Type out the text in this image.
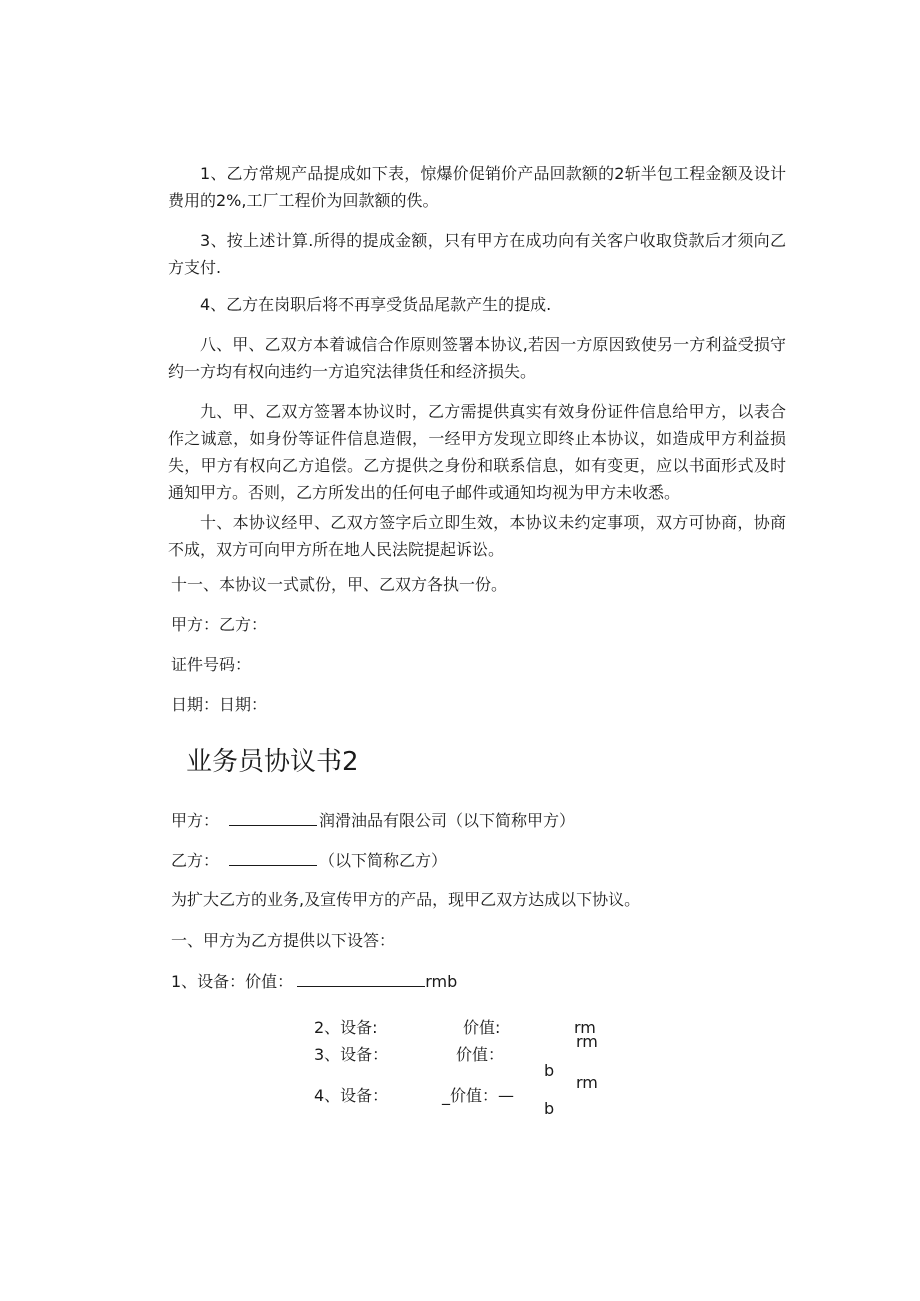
1、乙方常规产品提成如下表，惊爆价促销价产品回款额的2斩半包工程金额及设计费用的2%,工厂工程价为回款额的佚。

3、按上述计算.所得的提成金额，只有甲方在成功向有关客户收取贷款后才须向乙方支付.

4、乙方在岗职后将不再享受货品尾款产生的提成.

八、甲、乙双方本着诚信合作原则签署本协议,若因一方原因致使另一方利益受损守约一方均有权向违约一方追究法律货任和经济损失。

九、甲、乙双方签署本协议时，乙方需提供真实有效身份证件信息给甲方，以表合作之诚意，如身份等证件信息造假，一经甲方发现立即终止本协议，如造成甲方利益损失，甲方有权向乙方追偿。乙方提供之身份和联系信息，如有变更，应以书面形式及时通知甲方。否则，乙方所发出的任何电子邮件或通知均视为甲方未收悉。

十、本协议经甲、乙双方签字后立即生效，本协议未约定事项，双方可协商，协商不成，双方可向甲方所在地人民法院提起诉讼。

十一、本协议一式贰份，甲、乙双方各执一份。

甲方：乙方：

证件号码：

日期：日期：

业务员协议书2

甲方：	润滑油品有限公司（以下简称甲方）

乙方：	（以下简称乙方）

为扩大乙方的业务,及宣传甲方的产品，现甲乙双方达成以下协议。

一、甲方为乙方提供以下设答：

1、设备：价值：	rmb

2、设备:	价值:	rm
3、设备：	价值：
rm
b
4、设备：	_价值：—
rm
b
